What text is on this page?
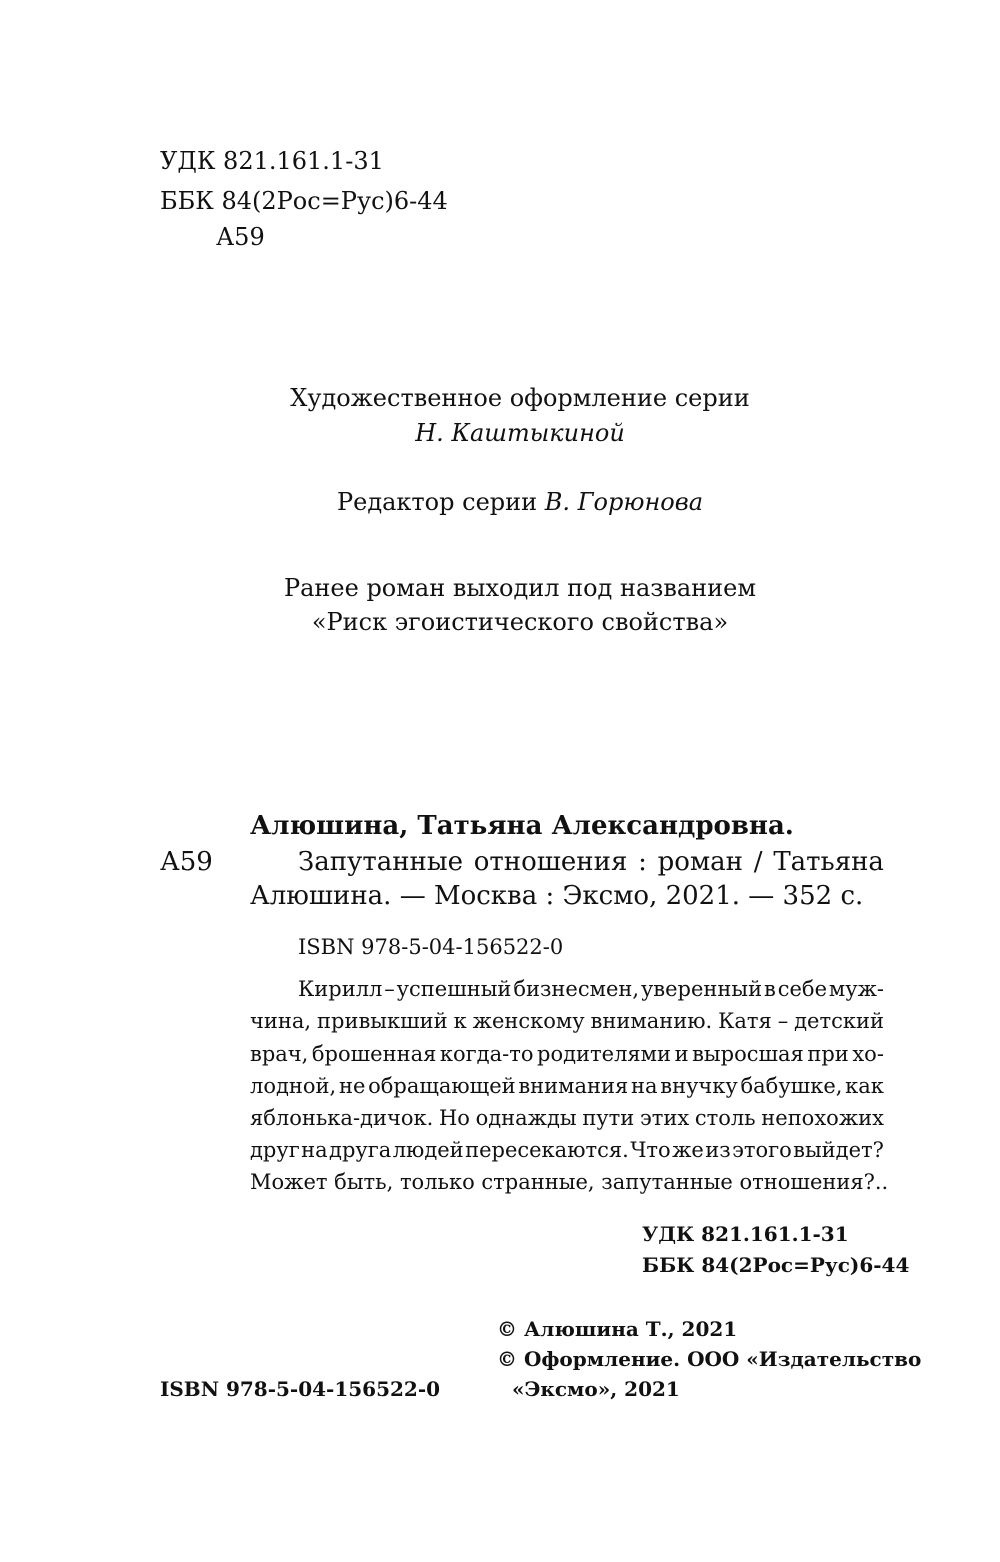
УДК 821.161.1-31
ББК 84(2Рос=Рус)6-44
А59
Художественное оформление серии
Н. Каштыкиной
Редактор серии В. Горюнова
Ранее роман выходил под названием
«Риск эгоистического свойства»
Алюшина, Татьяна Александровна.
А59	Запутанные отношения : роман / Татьяна
Алюшина. — Москва : Эксмо, 2021. — 352 с.
ISBN 978-5-04-156522-0
Кирилл – успешный бизнесмен, уверенный в себе муж-
чина, привыкший к женскому вниманию. Катя – детский
врач, брошенная когда-то родителями и выросшая при хо-
лодной, не обращающей внимания на внучку бабушке, как
яблонька-дичок. Но однажды пути этих столь непохожих
друг на друга людей пересекаются. Что же из этого выйдет?
Может быть, только странные, запутанные отношения?..
УДК 821.161.1-31
ББК 84(2Рос=Рус)6-44
© Алюшина Т., 2021
© Оформление. ООО «Издательство
«Эксмо», 2021
ISBN 978-5-04-156522-0
